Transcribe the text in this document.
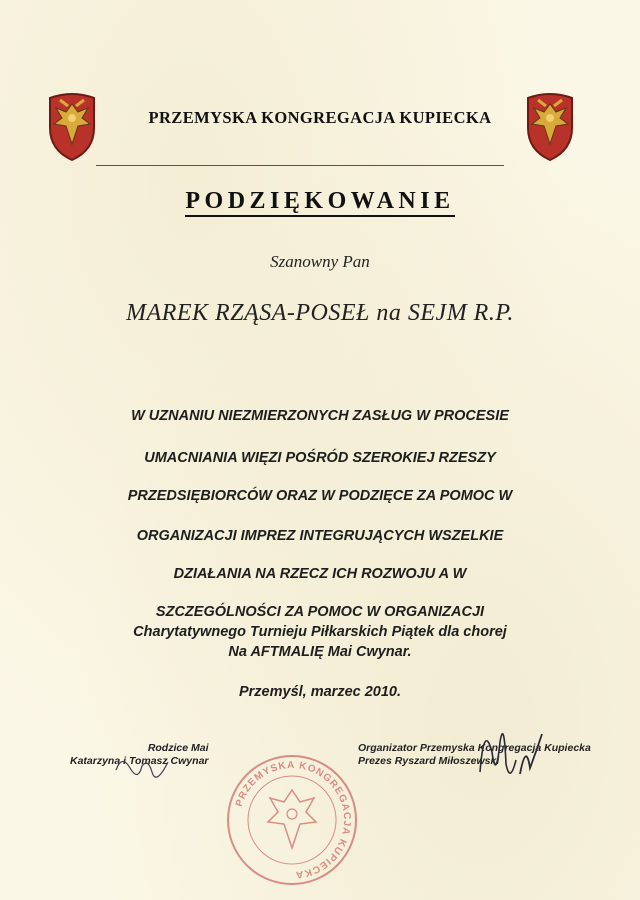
PRZEMYSKA KONGREGACJA KUPIECKA
PODZIĘKOWANIE
Szanowny Pan
MAREK RZĄSA-POSEŁ na SEJM R.P.
W UZNANIU NIEZMIERZONYCH ZASŁUG W PROCESIE
UMACNIANIA WIĘZI POŚRÓD SZEROKIEJ RZESZY
PRZEDSIĘBIORCÓW ORAZ W PODZIĘCE ZA POMOC W
ORGANIZACJI IMPREZ INTEGRUJĄCYCH WSZELKIE
DZIAŁANIA NA RZECZ ICH ROZWOJU A W
SZCZEGÓLNOŚCI ZA POMOC W ORGANIZACJI
Charytatywnego Turnieju Piłkarskich Piątek dla chorej
Na AFTMALIĘ Mai Cwynar.
Przemyśl, marzec 2010.
Rodzice Mai
Katarzyna i Tomasz Cwynar
Organizator Przemyska Kongregacja Kupiecka
Prezes Ryszard Miłoszewski
PRZEMYSKA KONGREGACJA KUPIECKA
